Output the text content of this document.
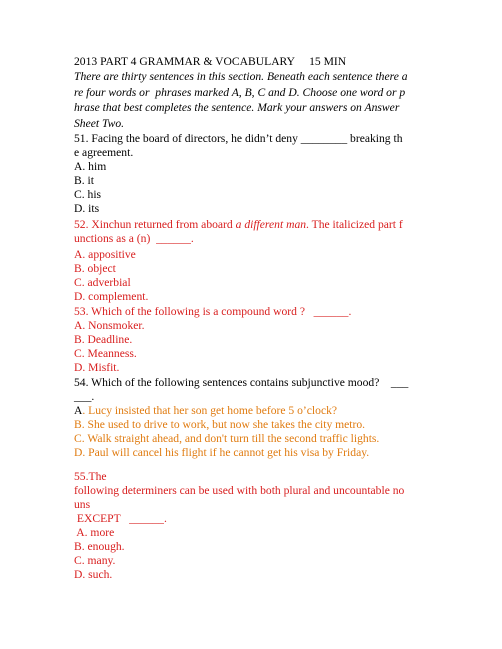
2013 PART 4 GRAMMAR & VOCABULARY     15 MIN
There are thirty sentences in this section. Beneath each sentence there a
re four words or  phrases marked A, B, C and D. Choose one word or p
hrase that best completes the sentence. Mark your answers on Answer
Sheet Two.
51. Facing the board of directors, he didn’t deny ________ breaking th
e agreement.
A. him
B. it
C. his
D. its
52. Xinchun returned from aboard a different man. The italicized part f
unctions as a (n)  ______.
A. appositive
B. object
C. adverbial
D. complement.
53. Which of the following is a compound word ?   ______.
A. Nonsmoker.
B. Deadline.
C. Meanness.
D. Misfit.
54. Which of the following sentences contains subjunctive mood?    ___
___.
A. Lucy insisted that her son get home before 5 o’clock?
B. She used to drive to work, but now she takes the city metro.
C. Walk straight ahead, and don't turn till the second traffic lights.
D. Paul will cancel his flight if he cannot get his visa by Friday.
55.The
following determiners can be used with both plural and uncountable no
uns
EXCEPT   ______.
A. more
B. enough.
C. many.
D. such.
